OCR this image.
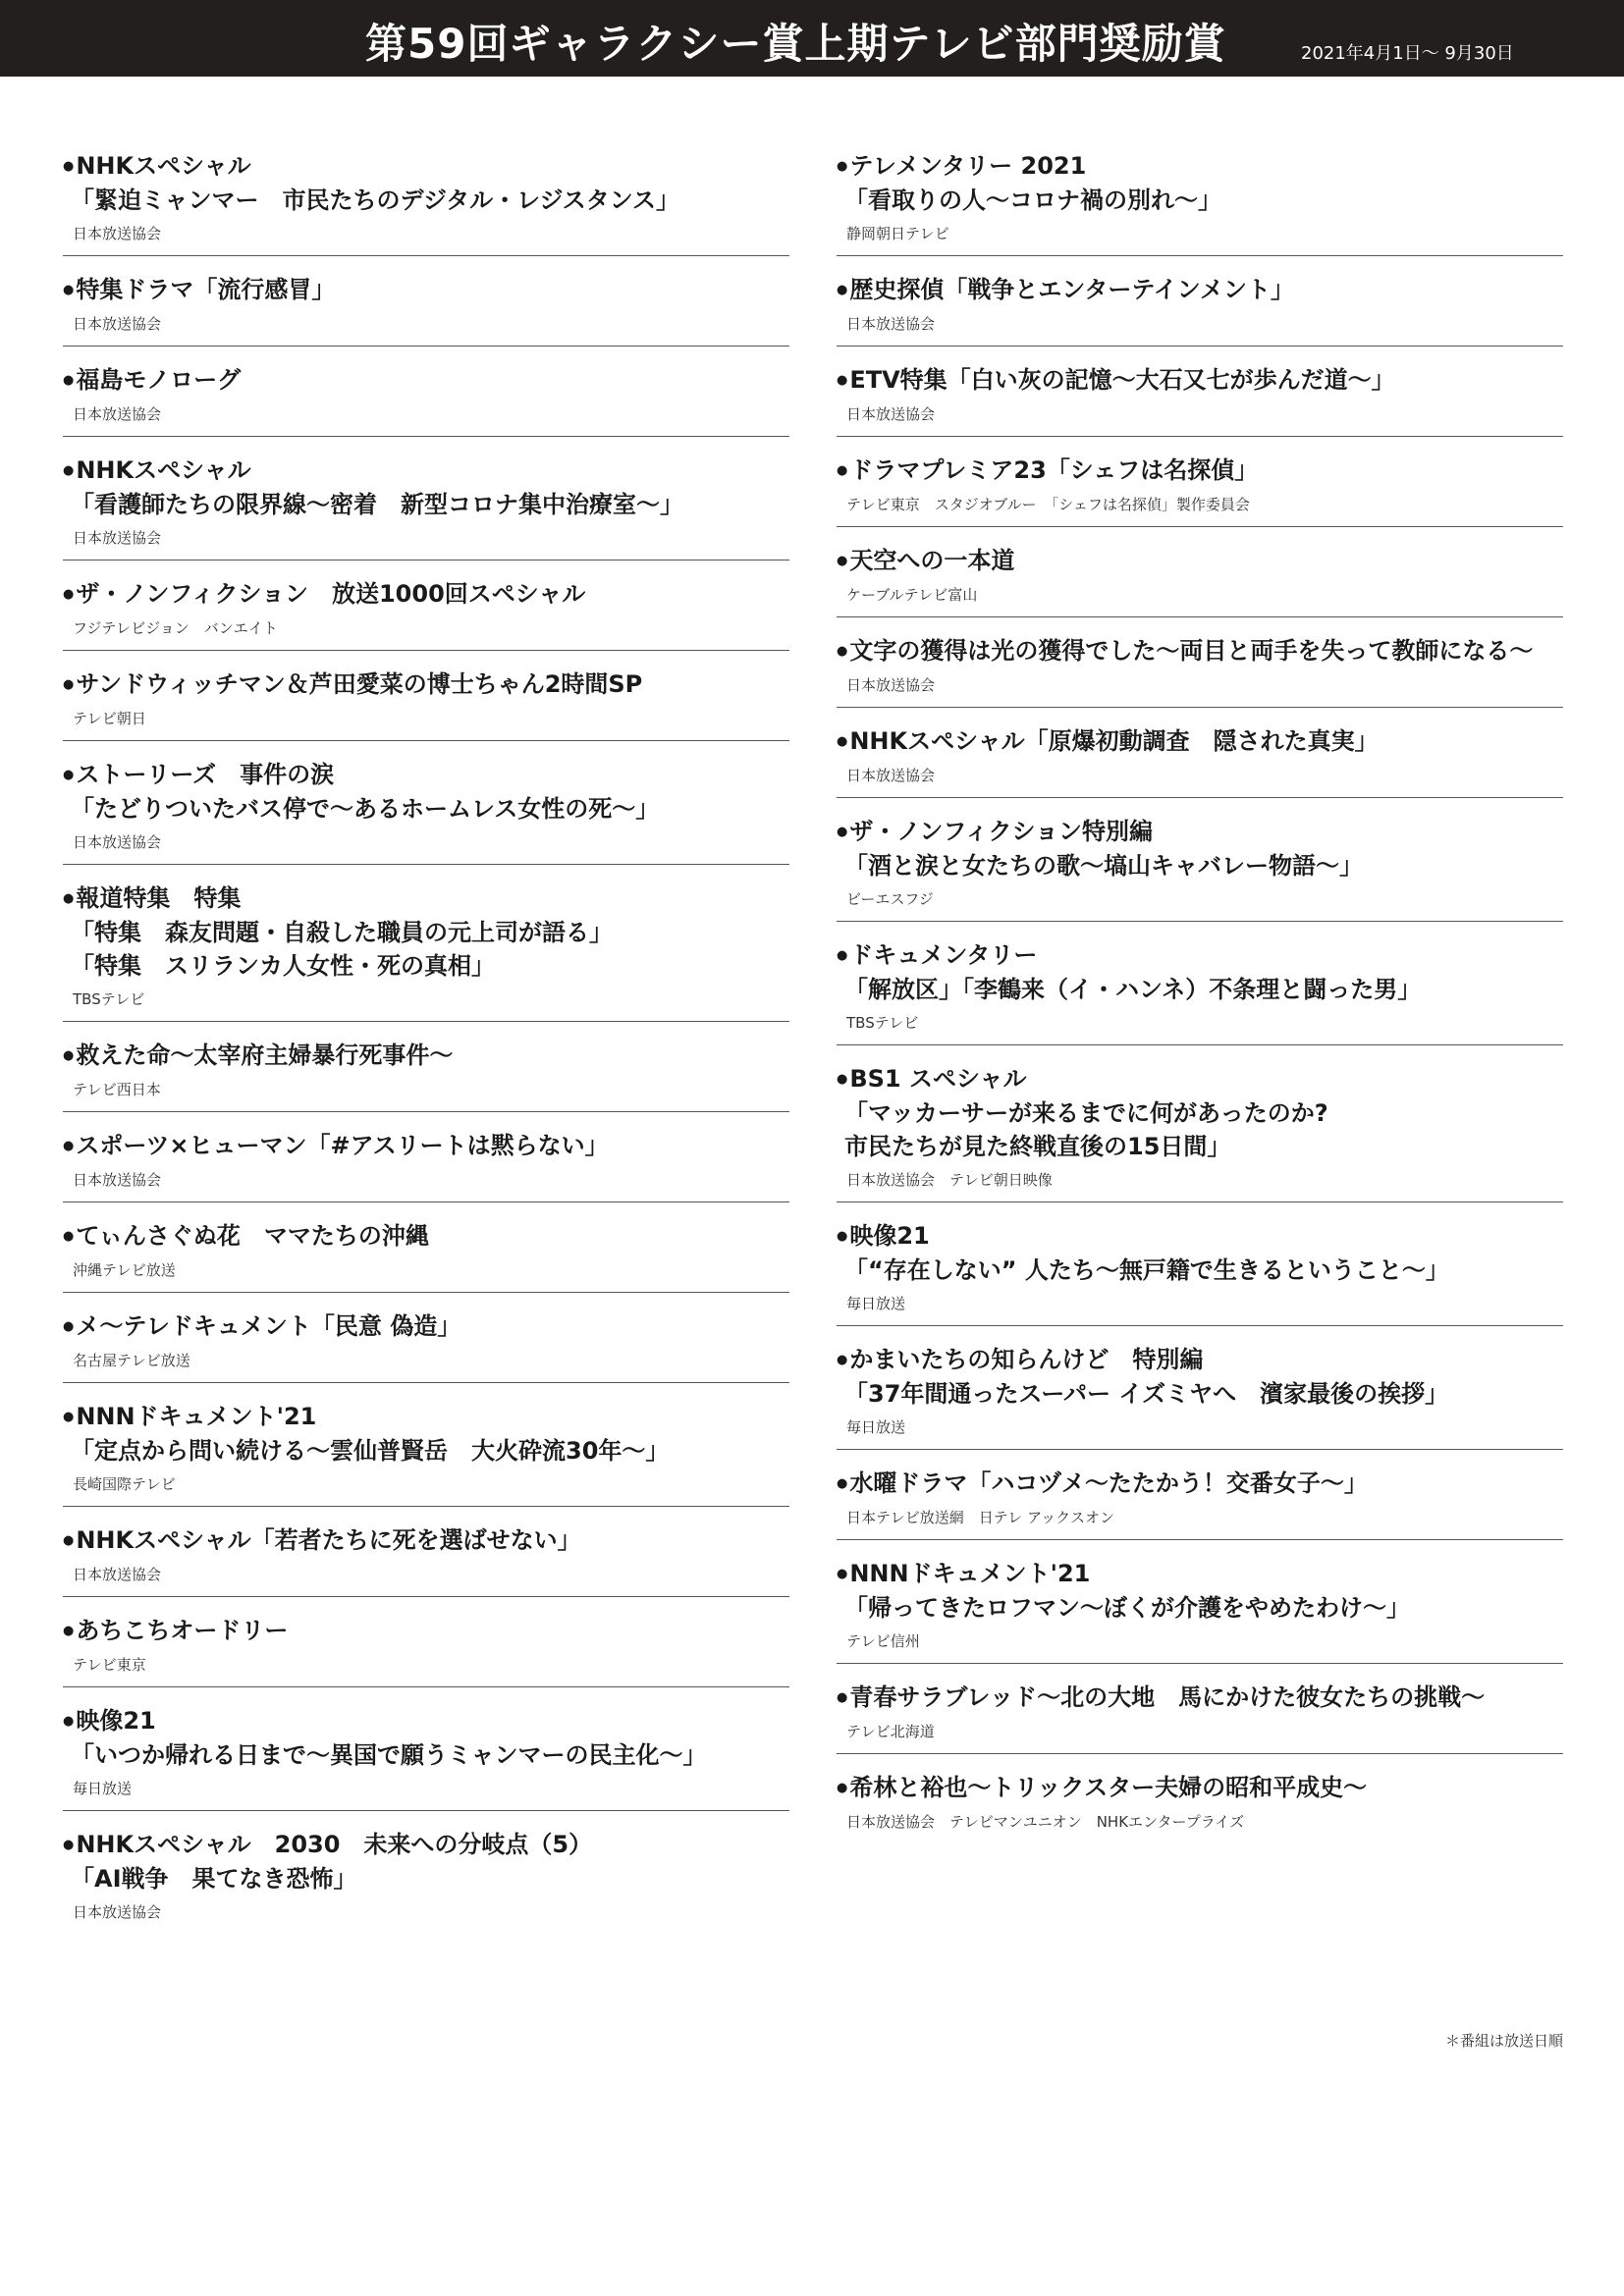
第59回ギャラクシー賞上期テレビ部門奨励賞	2021年4月1日～ 9月30日
● NHKスペシャル
「緊迫ミャンマー　市民たちのデジタル・レジスタンス」
日本放送協会
● 特集ドラマ「流行感冒」
日本放送協会
● 福島モノローグ
日本放送協会
● NHKスペシャル
「看護師たちの限界線～密着　新型コロナ集中治療室～」
日本放送協会
● ザ・ノンフィクション　放送1000回スペシャル
フジテレビジョン　バンエイト
● サンドウィッチマン＆芦田愛菜の博士ちゃん2時間SP
テレビ朝日
● ストーリーズ　事件の涙
「たどりついたバス停で～あるホームレス女性の死～」
日本放送協会
● 報道特集　特集
「特集　森友問題・自殺した職員の元上司が語る」
「特集　スリランカ人女性・死の真相」
TBSテレビ
● 救えた命～太宰府主婦暴行死事件～
テレビ西日本
● スポーツ×ヒューマン「#アスリートは黙らない」
日本放送協会
● てぃんさぐぬ花　ママたちの沖縄
沖縄テレビ放送
● メ～テレドキュメント「民意 偽造」
名古屋テレビ放送
● NNNドキュメント'21
「定点から問い続ける～雲仙普賢岳　大火砕流30年～」
長崎国際テレビ
● NHKスペシャル「若者たちに死を選ばせない」
日本放送協会
● あちこちオードリー
テレビ東京
● 映像21
「いつか帰れる日まで～異国で願うミャンマーの民主化～」
毎日放送
● NHKスペシャル　2030　未来への分岐点（5）
「AI戦争　果てなき恐怖」
日本放送協会
● テレメンタリー 2021
「看取りの人～コロナ禍の別れ～」
静岡朝日テレビ
● 歴史探偵「戦争とエンターテインメント」
日本放送協会
● ETV特集「白い灰の記憶～大石又七が歩んだ道～」
日本放送協会
● ドラマプレミア23「シェフは名探偵」
テレビ東京　スタジオブルー　「シェフは名探偵」製作委員会
● 天空への一本道
ケーブルテレビ富山
● 文字の獲得は光の獲得でした～両目と両手を失って教師になる～
日本放送協会
● NHKスペシャル「原爆初動調査　隠された真実」
日本放送協会
● ザ・ノンフィクション特別編
「酒と涙と女たちの歌～塙山キャバレー物語～」
ビーエスフジ
● ドキュメンタリー
「解放区」「李鶴来（イ・ハンネ）不条理と闘った男」
TBSテレビ
● BS1 スペシャル
「マッカーサーが来るまでに何があったのか?
市民たちが見た終戦直後の15日間」
日本放送協会　テレビ朝日映像
● 映像21
「“存在しない” 人たち～無戸籍で生きるということ～」
毎日放送
● かまいたちの知らんけど　特別編
「37年間通ったスーパー イズミヤへ　濱家最後の挨拶」
毎日放送
● 水曜ドラマ「ハコヅメ～たたかう！交番女子～」
日本テレビ放送網　日テレ アックスオン
● NNNドキュメント'21
「帰ってきたロフマン～ぼくが介護をやめたわけ～」
テレビ信州
● 青春サラブレッド～北の大地　馬にかけた彼女たちの挑戦～
テレビ北海道
● 希林と裕也～トリックスター夫婦の昭和平成史～
日本放送協会　テレビマンユニオン　NHKエンタープライズ
＊番組は放送日順
